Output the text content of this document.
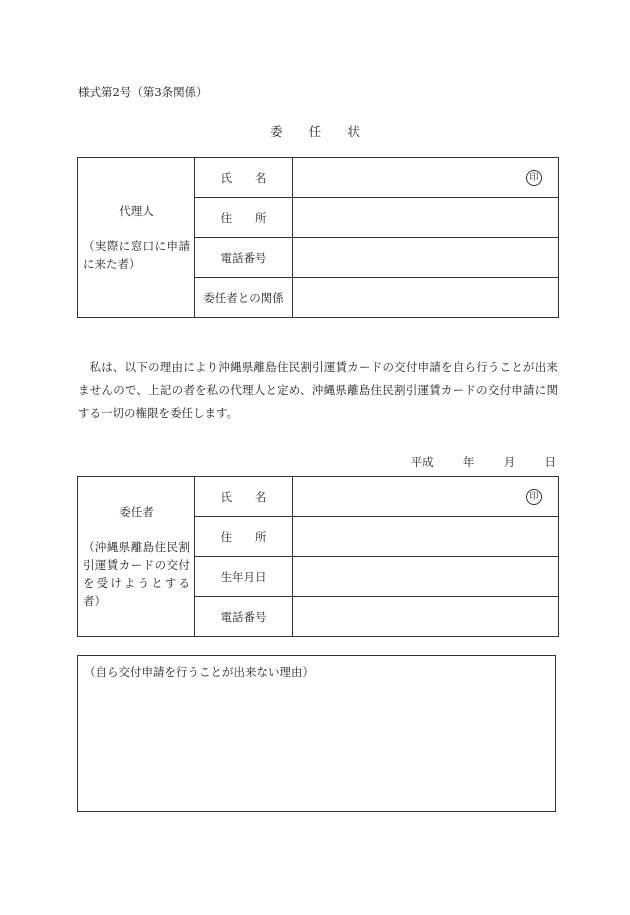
様式第2号（第3条関係）
委　任　状
代理人
（実際に窓口に申請に来た者）	氏　　名	印

	住　　所	
	電話番号	
	委任者との関係	
私は、以下の理由により沖縄県離島住民割引運賃カードの交付申請を自ら行うことが出来ませんので、上記の者を私の代理人と定め、沖縄県離島住民割引運賃カードの交付申請に関する一切の権限を委任します。
平成	年	月	日
委任者
（沖縄県離島住民割引運賃カードの交付を受けようとする者）	氏　　名	印

	住　　所	
	生年月日	
	電話番号	
（自ら交付申請を行うことが出来ない理由）
